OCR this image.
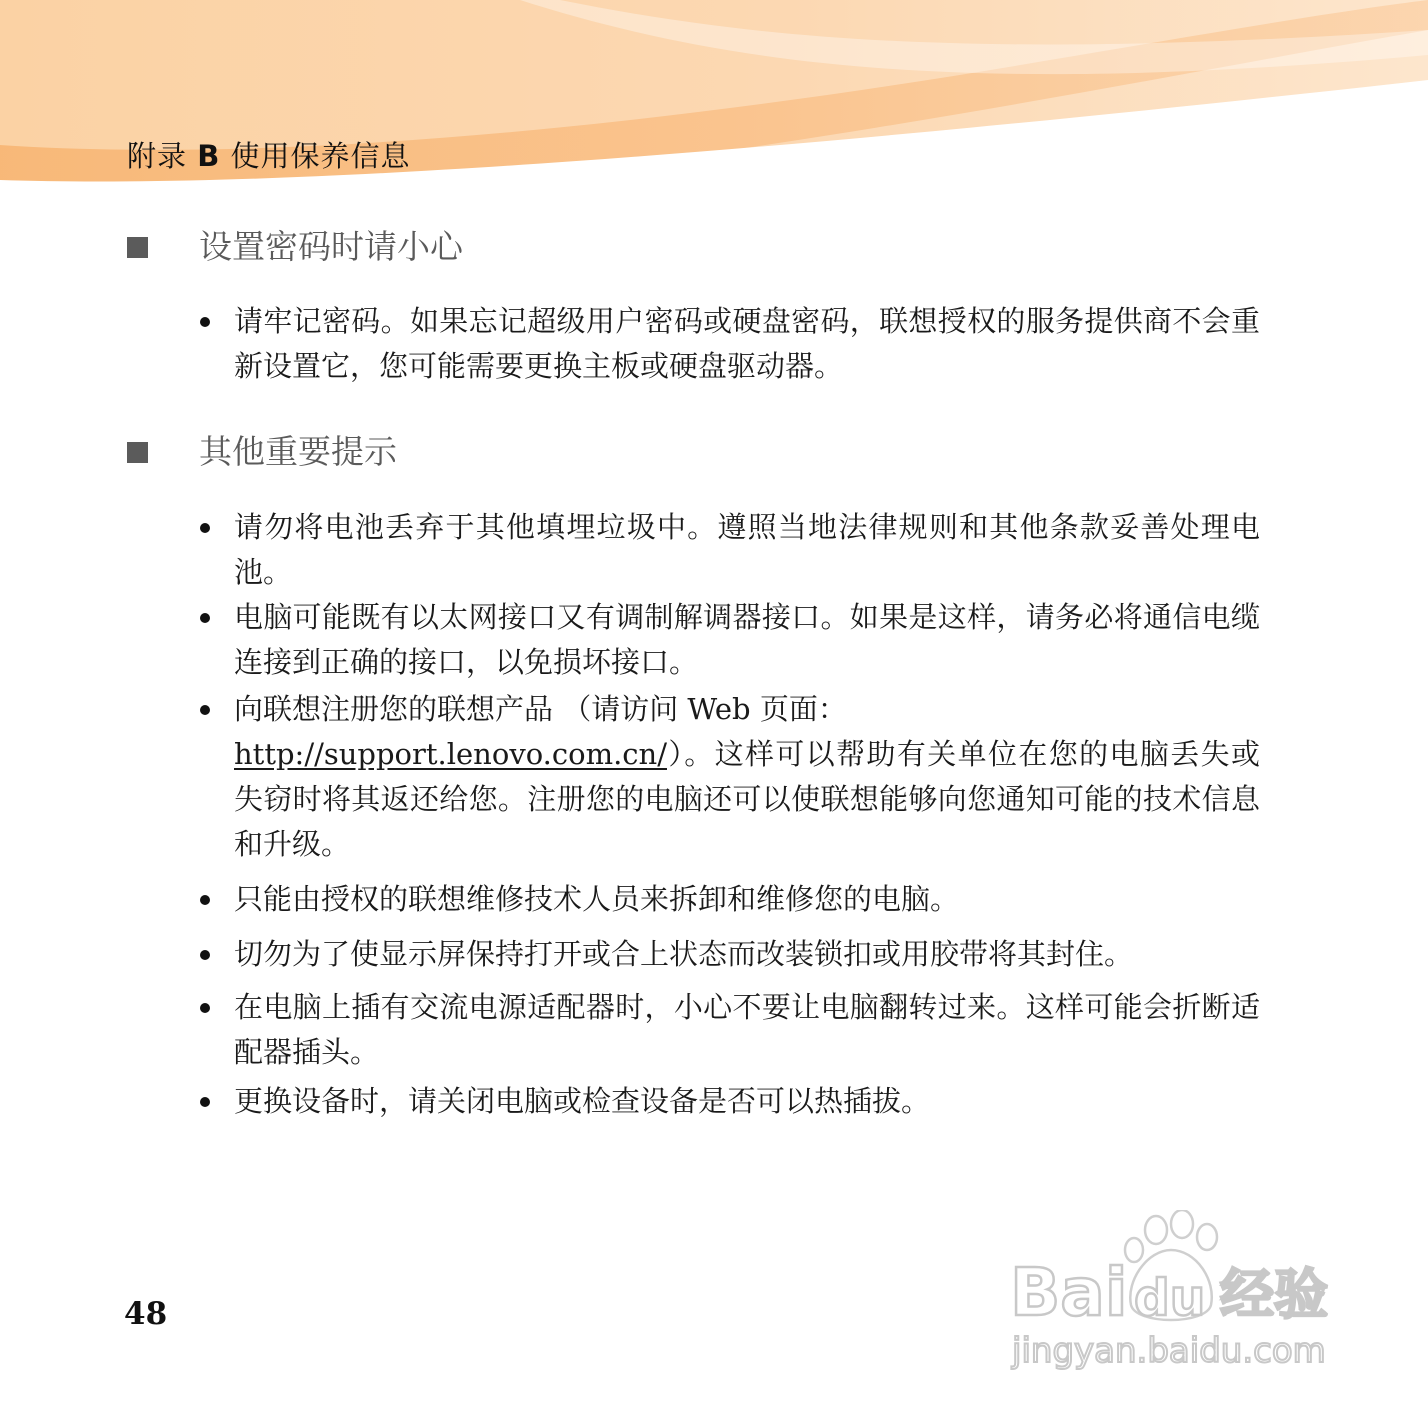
附录 B 使用保养信息
设置密码时请小心
请牢记密码。如果忘记超级用户密码或硬盘密码，联想授权的服务提供商不会重新设置它，您可能需要更换主板或硬盘驱动器。
其他重要提示
请勿将电池丢弃于其他填埋垃圾中。遵照当地法律规则和其他条款妥善处理电池。
电脑可能既有以太网接口又有调制解调器接口。如果是这样，请务必将通信电缆连接到正确的接口，以免损坏接口。
向联想注册您的联想产品 （请访问 Web 页面：
http://support.lenovo.com.cn/）。这样可以帮助有关单位在您的电脑丢失或失窃时将其返还给您。注册您的电脑还可以使联想能够向您通知可能的技术信息和升级。
只能由授权的联想维修技术人员来拆卸和维修您的电脑。
切勿为了使显示屏保持打开或合上状态而改装锁扣或用胶带将其封住。
在电脑上插有交流电源适配器时，小心不要让电脑翻转过来。这样可能会折断适配器插头。
更换设备时，请关闭电脑或检查设备是否可以热插拔。

48	Bai du 经验
jingyan.baidu.com
